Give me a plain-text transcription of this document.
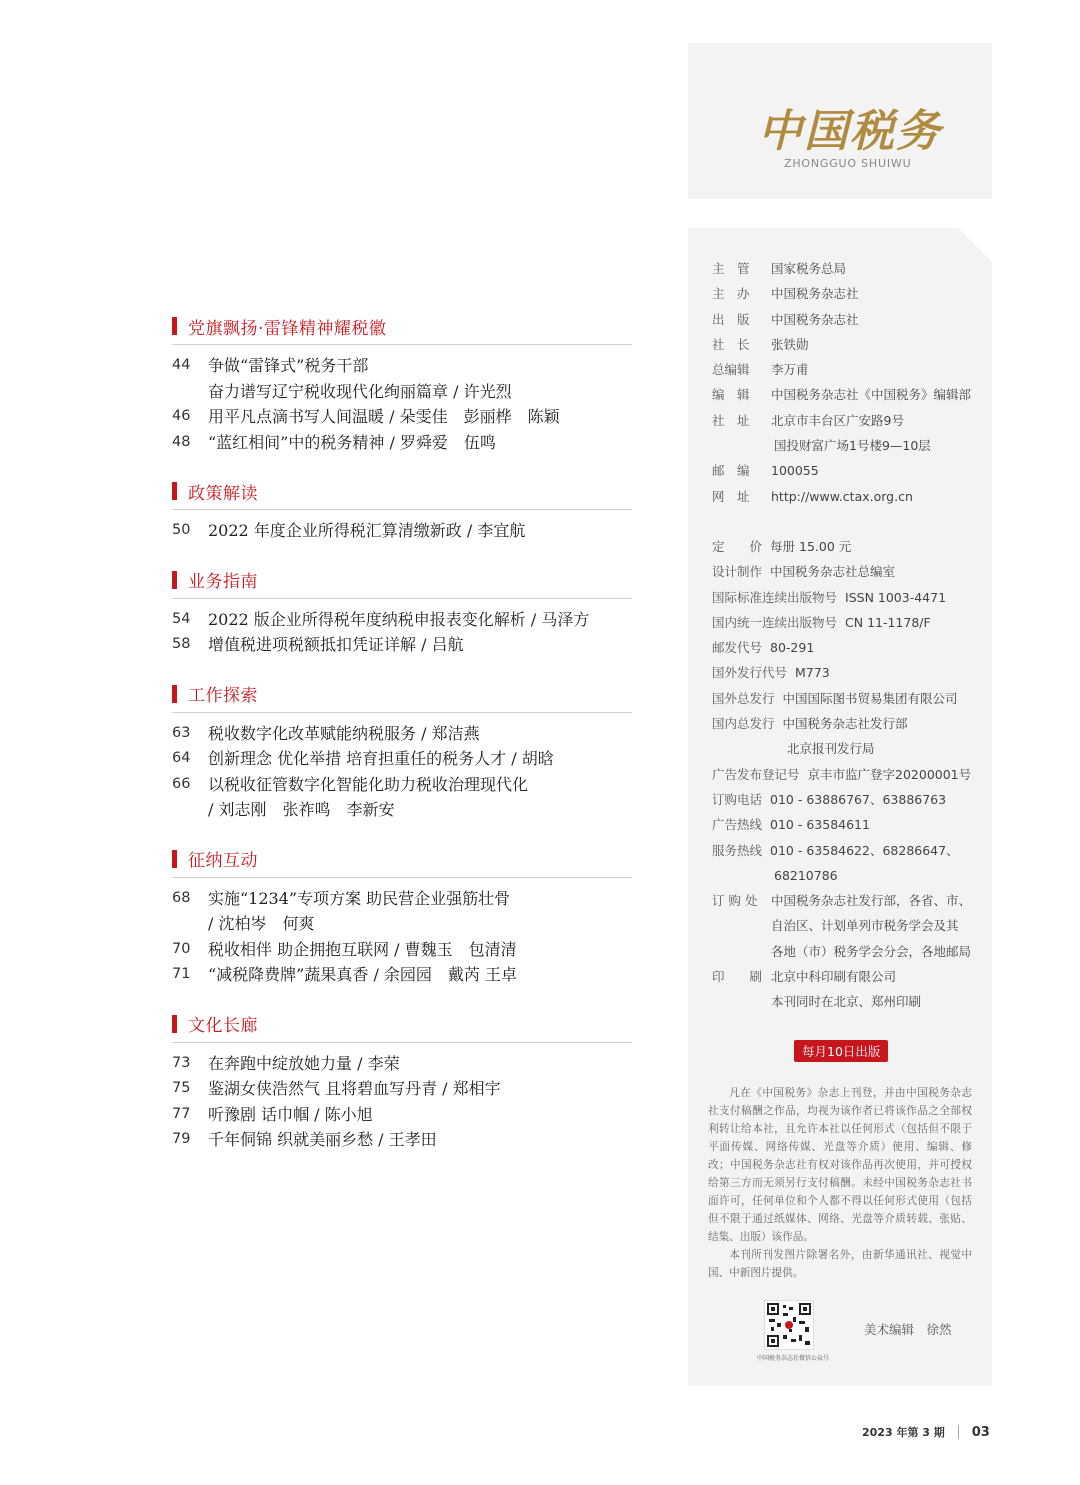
党旗飘扬·雷锋精神耀税徽
44	争做“雷锋式”税务干部
奋力谱写辽宁税收现代化绚丽篇章 / 许光烈
46	用平凡点滴书写人间温暖 / 朵雯佳　彭丽桦　陈颖
48	“蓝红相间”中的税务精神 / 罗舜爱　伍鸣
政策解读
50	2022 年度企业所得税汇算清缴新政 / 李宜航
业务指南
54	2022 版企业所得税年度纳税申报表变化解析 / 马泽方
58	增值税进项税额抵扣凭证详解 / 吕航
工作探索
63	税收数字化改革赋能纳税服务 / 郑洁燕
64	创新理念 优化举措 培育担重任的税务人才 / 胡晗
66	以税收征管数字化智能化助力税收治理现代化
/ 刘志刚　张祚鸣　李新安
征纳互动
68	实施“1234”专项方案 助民营企业强筋壮骨
/ 沈柏岑　何爽
70	税收相伴 助企拥抱互联网 / 曹魏玉　包清清
71	“减税降费牌”蔬果真香 / 余园园　戴芮 王卓
文化长廊
73	在奔跑中绽放她力量 / 李荣
75	鉴湖女侠浩然气 且将碧血写丹青 / 郑相宇
77	听豫剧 话巾帼 / 陈小旭
79	千年侗锦 织就美丽乡愁 / 王孝田
中国税务
ZHONGGUO SHUIWU
主　管	国家税务总局
主　办	中国税务杂志社
出　版	中国税务杂志社
社　长	张铁勋
总编辑	李万甫
编　辑	中国税务杂志社《中国税务》编辑部
社　址	北京市丰台区广安路9号
国投财富广场1号楼9—10层
邮　编	100055
网　址	http://www.ctax.org.cn
定　　价 每册 15.00 元
设计制作 中国税务杂志社总编室
国际标准连续出版物号 ISSN 1003-4471
国内统一连续出版物号 CN 11-1178/F
邮发代号 80-291
国外发行代号 M773
国外总发行 中国国际图书贸易集团有限公司
国内总发行 中国税务杂志社发行部
北京报刊发行局
广告发布登记号 京丰市监广登字20200001号
订购电话 010 - 63886767、63886763
广告热线 010 - 63584611
服务热线 010 - 63584622、68286647、
68210786
订 购 处	中国税务杂志社发行部，各省、市、
自治区、计划单列市税务学会及其
各地（市）税务学会分会，各地邮局
印　　刷 北京中科印刷有限公司
本刊同时在北京、郑州印刷
每月10日出版

凡在《中国税务》杂志上刊登，并由中国税务杂志社支付稿酬之作品，均视为该作者已将该作品之全部权利转让给本社，且允许本社以任何形式（包括但不限于平面传媒、网络传媒、光盘等介质）使用、编辑、修改；中国税务杂志社有权对该作品再次使用，并可授权给第三方而无须另行支付稿酬。未经中国税务杂志社书面许可，任何单位和个人都不得以任何形式使用（包括但不限于通过纸媒体、网络、光盘等介质转载、张贴、结集、出版）该作品。

本刊所刊发图片除署名外，由新华通讯社、视觉中国、中新图片提供。

中国税务杂志社微信公众号
美术编辑　徐然
2023 年第 3 期 03
